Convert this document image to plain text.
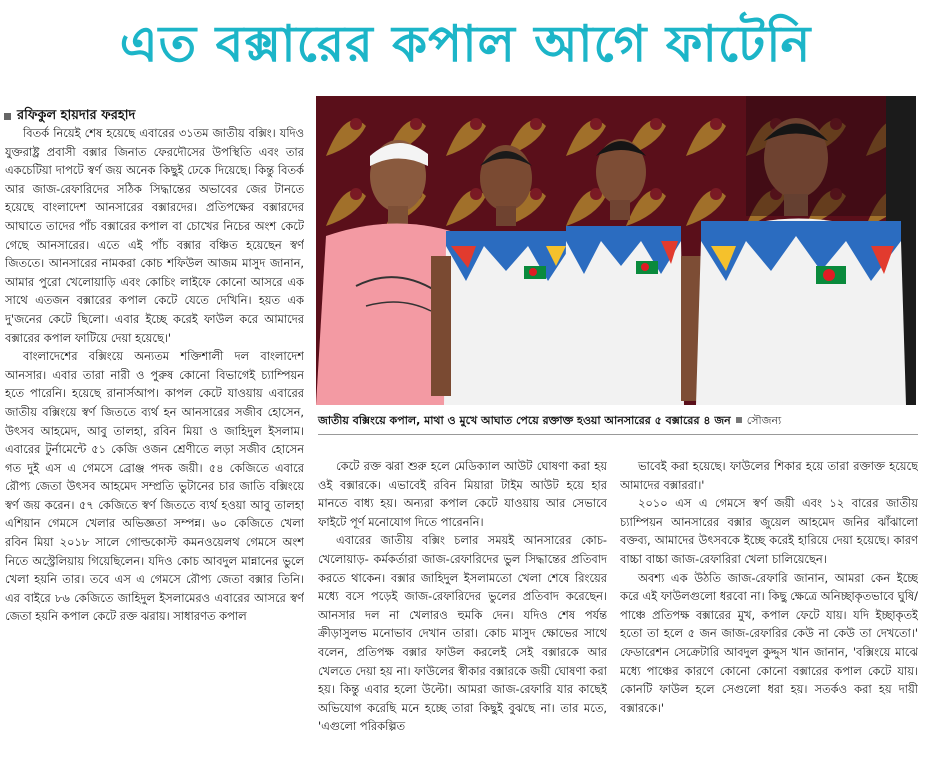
এত বক্সারের কপাল আগে ফাটেনি
রফিকুল হায়দার ফরহাদ

বিতর্ক নিয়েই শেষ হয়েছে এবারের ৩১তম জাতীয় বক্সিং। যদিও যুক্তরাষ্ট্র প্রবাসী বক্সার জিনাত ফেরদৌসের উপস্থিতি এবং তার একচেটিয়া দাপটে স্বর্ণ জয় অনেক কিছুই ঢেকে দিয়েছে। কিন্তু বিতর্ক আর জাজ-রেফারিদের সঠিক সিদ্ধান্তের অভাবের জের টানতে হয়েছে বাংলাদেশ আনসারের বক্সারদের। প্রতিপক্ষের বক্সারদের আঘাতে তাদের পাঁচ বক্সারের কপাল বা চোখের নিচের অংশ কেটে গেছে আনসারের। এতে এই পাঁচ বক্সার বঞ্চিত হয়েছেন স্বর্ণ জিততে। আনসারের নামকরা কোচ শফিউল আজম মাসুদ জানান, আমার পুরো খেলোয়াড়ি এবং কোচিং লাইফে কোনো আসরে এক সাথে এতজন বক্সারের কপাল কেটে যেতে দেখিনি। হয়ত এক দু'জনের কেটে ছিলো। এবার ইচ্ছে করেই ফাউল করে আমাদের বক্সারের কপাল ফাটিয়ে দেয়া হয়েছে।'

বাংলাদেশের বক্সিংয়ে অন্যতম শক্তিশালী দল বাংলাদেশ আনসার। এবার তারা নারী ও পুরুষ কোনো বিভাগেই চ্যাম্পিয়ন হতে পারেনি। হয়েছে রানার্সআপ। কাপল কেটে যাওয়ায় এবারের জাতীয় বক্সিংয়ে স্বর্ণ জিততে ব্যর্থ হন আনসারের সজীব হোসেন, উৎসব আহমেদ, আবু তালহা, রবিন মিয়া ও জাহিদুল ইসলাম। এবারের টুর্নামেন্টে ৫১ কেজি ওজন শ্রেণীতে লড়া সজীব হোসেন গত দুই এস এ গেমসে ব্রোঞ্জ পদক জয়ী। ৫৪ কেজিতে এবারে রৌপ্য জেতা উৎসব আহমেদ সম্প্রতি ভুটানের চার জাতি বক্সিংয়ে স্বর্ণ জয় করেন। ৫৭ কেজিতে স্বর্ণ জিততে ব্যর্থ হওয়া আবু তালহা এশিয়ান গেমসে খেলার অভিজ্ঞতা সম্পন্ন। ৬০ কেজিতে খেলা রবিন মিয়া ২০১৮ সালে গোল্ডকোস্ট কমনওয়েলথ গেমসে অংশ নিতে অস্ট্রেলিয়ায় গিয়েছিলেন। যদিও কোচ আবদুল মান্নানের ভুলে খেলা হয়নি তার। তবে এস এ গেমসে রৌপ্য জেতা বক্সার তিনি। এর বাইরে ৮৬ কেজিতে জাহিদুল ইসলামেরও এবারের আসরে স্বর্ণ জেতা হয়নি কপাল কেটে রক্ত ঝরায়। সাধারণত কপাল

জাতীয় বক্সিংয়ে কপাল, মাথা ও মুখে আঘাত পেয়ে রক্তাক্ত হওয়া আনসারের ৫ বক্সারের ৪ জন সৌজন্য

কেটে রক্ত ঝরা শুরু হলে মেডিক্যাল আউট ঘোষণা করা হয় ওই বক্সারকে। এভাবেই রবিন মিয়ারা টাইম আউট হয়ে হার মানতে বাধ্য হয়। অন্যরা কপাল কেটে যাওয়ায় আর সেভাবে ফাইটে পূর্ণ মনোযোগ দিতে পারেননি।

এবারের জাতীয় বক্সিং চলার সময়ই আনসারের কোচ- খেলোয়াড়- কর্মকর্তারা জাজ-রেফারিদের ভুল সিদ্ধান্তের প্রতিবাদ করতে থাকেন। বক্সার জাহিদুল ইসলামতো খেলা শেষে রিংয়ের মধ্যে বসে পড়েই জাজ-রেফারিদের ভুলের প্রতিবাদ করেছেন। আনসার দল না খেলারও হুমকি দেন। যদিও শেষ পর্যন্ত ক্রীড়াসুলভ মনোভাব দেখান তারা। কোচ মাসুদ ক্ষোভের সাথে বলেন, প্রতিপক্ষ বক্সার ফাউল করলেই সেই বক্সারকে আর খেলতে দেয়া হয় না। ফাউলের স্বীকার বক্সারকে জয়ী ঘোষণা করা হয়। কিন্তু এবার হলো উল্টো। আমরা জাজ-রেফারি যার কাছেই অভিযোগ করেছি মনে হচ্ছে তারা কিছুই বুঝছে না। তার মতে, 'এগুলো পরিকল্পিত

ভাবেই করা হয়েছে। ফাউলের শিকার হয়ে তারা রক্তাক্ত হয়েছে আমাদের বক্সাররা।'

২০১০ এস এ গেমসে স্বর্ণ জয়ী এবং ১২ বারের জাতীয় চ্যাম্পিয়ন আনসারের বক্সার জুয়েল আহমেদ জনির ঝাঁঝালো বক্তব্য, আমাদের উৎসবকে ইচ্ছে করেই হারিয়ে দেয়া হয়েছে। কারণ বাচ্চা বাচ্চা জাজ-রেফারিরা খেলা চালিয়েছেন।

অবশ্য এক উঠতি জাজ-রেফারি জানান, আমরা কেন ইচ্ছে করে এই ফাউলগুলো ধরবো না। কিছু ক্ষেত্রে অনিচ্ছাকৃতভাবে ঘুষি/ পাঞ্চে প্রতিপক্ষ বক্সারের মুখ, কপাল ফেটে যায়। যদি ইচ্ছাকৃতই হতো তা হলে ৫ জন জাজ-রেফারির কেউ না কেউ তা দেখতো।' ফেডারেশন সেক্রেটারি আবদুল কুদ্দুস খান জানান, 'বক্সিংয়ে মাঝে মধ্যে পাঞ্চের কারণে কোনো কোনো বক্সারের কপাল কেটে যায়। কোনটি ফাউল হলে সেগুলো ধরা হয়। সতর্কও করা হয় দায়ী বক্সারকে।'
